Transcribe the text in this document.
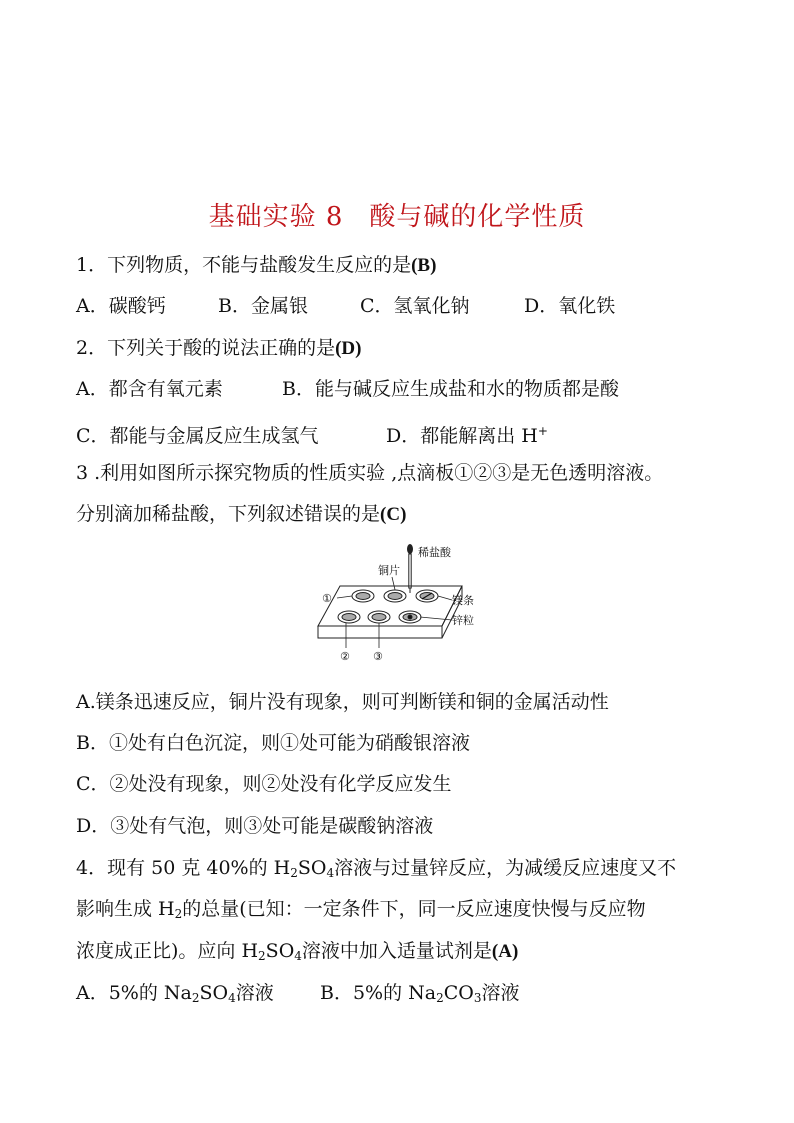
基础实验 8 酸与碱的化学性质
1．下列物质，不能与盐酸发生反应的是(B)
A．碳酸钙	B．金属银	C．氢氧化钠	D．氧化铁
2．下列关于酸的说法正确的是(D)
A．都含有氧元素	B．能与碱反应生成盐和水的物质都是酸
C．都能与金属反应生成氢气	D．都能解离出 H+
3 .利用如图所示探究物质的性质实验 ,点滴板①②③是无色透明溶液。
分别滴加稀盐酸，下列叙述错误的是(C)
稀盐酸
铜片
①	镁条
锌粒
② ③
A.镁条迅速反应，铜片没有现象，则可判断镁和铜的金属活动性
B．①处有白色沉淀，则①处可能为硝酸银溶液
C．②处没有现象，则②处没有化学反应发生
D．③处有气泡，则③处可能是碳酸钠溶液
4．现有 50 克 40%的 $H_2SO_4$溶液与过量锌反应，为减缓反应速度又不
影响生成 $H_2$的总量(已知：一定条件下，同一反应速度快慢与反应物
浓度成正比)。应向 $H_2SO_4$溶液中加入适量试剂是(A)
A．5%的 $Na_2SO_4$溶液 B．5%的 $Na_2CO_3$溶液
